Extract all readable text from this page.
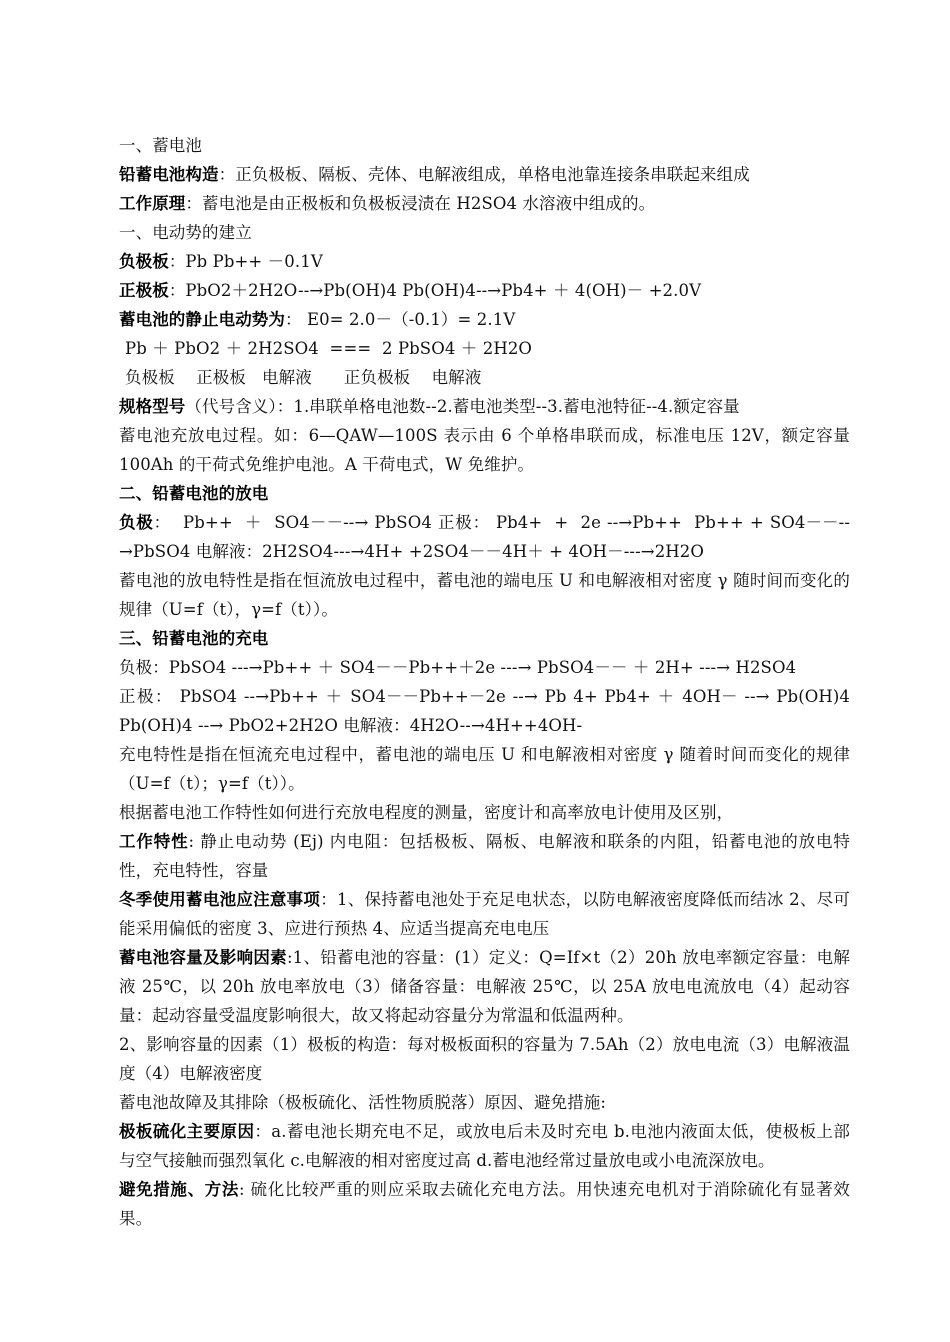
一、蓄电池

铅蓄电池构造：正负极板、隔板、壳体、电解液组成，单格电池靠连接条串联起来组成

工作原理：蓄电池是由正极板和负极板浸渍在 H2SO4 水溶液中组成的。

一、电动势的建立

负极板：Pb Pb++ －0.1V

正极板：PbO2＋2H2O--→Pb(OH)4 Pb(OH)4--→Pb4+ ＋ 4(OH)－ +2.0V

蓄电池的静止电动势为： E0= 2.0－（-0.1）= 2.1V

Pb ＋ PbO2 ＋ 2H2SO4  ===  2 PbSO4 ＋ 2H2O

负极板    正极板   电解液      正负极板    电解液

规格型号（代号含义）：1.串联单格电池数--2.蓄电池类型--3.蓄电池特征--4.额定容量

蓄电池充放电过程。如：6—QAW—100S 表示由 6 个单格串联而成，标准电压 12V，额定容量 100Ah 的干荷式免维护电池。A 干荷电式，W 免维护。

二、铅蓄电池的放电

负极：  Pb++  ＋  SO4－－--→ PbSO4 正极： Pb4+  +  2e --→Pb++  Pb++ + SO4－－--→PbSO4 电解液：2H2SO4---→4H+ +2SO4－－4H＋ + 4OH－---→2H2O

蓄电池的放电特性是指在恒流放电过程中，蓄电池的端电压 U 和电解液相对密度 γ 随时间而变化的规律（U=f（t），γ=f（t））。

三、铅蓄电池的充电

负极：PbSO4 ---→Pb++ ＋ SO4－－Pb++＋2e ---→ PbSO4－－ ＋ 2H+ ---→ H2SO4

正极： PbSO4 --→Pb++ ＋ SO4－－Pb++－2e --→ Pb 4+ Pb4+ ＋ 4OH－ --→ Pb(OH)4 Pb(OH)4 --→ PbO2+2H2O 电解液：4H2O--→4H++4OH-

充电特性是指在恒流充电过程中，蓄电池的端电压 U 和电解液相对密度 γ 随着时间而变化的规律（U=f（t）；γ=f（t））。

根据蓄电池工作特性如何进行充放电程度的测量，密度计和高率放电计使用及区别，

工作特性: 静止电动势 (Ej) 内电阻：包括极板、隔板、电解液和联条的内阻，铅蓄电池的放电特性，充电特性，容量

冬季使用蓄电池应注意事项：1、保持蓄电池处于充足电状态，以防电解液密度降低而结冰 2、尽可能采用偏低的密度 3、应进行预热 4、应适当提高充电电压

蓄电池容量及影响因素:1、铅蓄电池的容量：(1）定义：Q=If×t（2）20h 放电率额定容量：电解液 25℃，以 20h 放电率放电（3）储备容量：电解液 25℃，以 25A 放电电流放电（4）起动容量：起动容量受温度影响很大，故又将起动容量分为常温和低温两种。

2、影响容量的因素（1）极板的构造：每对极板面积的容量为 7.5Ah（2）放电电流（3）电解液温度（4）电解液密度

蓄电池故障及其排除（极板硫化、活性物质脱落）原因、避免措施:

极板硫化主要原因：a.蓄电池长期充电不足，或放电后未及时充电 b.电池内液面太低，使极板上部与空气接触而强烈氧化 c.电解液的相对密度过高 d.蓄电池经常过量放电或小电流深放电。

避免措施、方法: 硫化比较严重的则应采取去硫化充电方法。用快速充电机对于消除硫化有显著效果。
